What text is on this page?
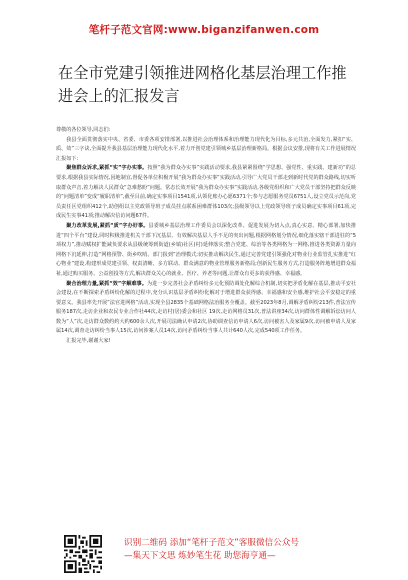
笔杆子范文官网:www.biganzifanwen.com
在全市党建引领推进网格化基层治理工作推进会上的汇报发言

尊敬的各位领导,同志们:

我县全面贯彻落实中央、省委、市委各项安排部署,以推进社会治理体系和治理能力现代化为目标,多元共治,全面发力,紧扣“实、质、效”三字诀,全面提升我县基层治理能力现代化水平,着力开创党建引领城乡基层治理新格局。根据会议安排,现将有关工作进展情况汇报如下:

聚焦群众诉求,紧抓“实”字办实事。按照“我为群众办实事”实践活动要求,我县紧紧围绕“学思想、强党性、重实践、建新功”的总要求,根据我县实际情况,因地制宜,督促各单位积极开展“我为群众办实事”实践活动,引导广大党员干部走到新时代党的群众路线,切实听取群众声音,着力解决人民群众“急难愁盼”问题。常态长效开展“我为群众办实事”实践活动,各级党组织和广大党员干部坚持把群众反映的“问题清单”变成“履职清单”,截至目前,确定实事项目1541项,认领化账办心愿6371个;参与志愿服务党员6751人,设立党员示范岗,党员责任区党组织412个,助创组以主党政领导班子成员挂点联系困难群体103次;县级领导以上党政领导班子成员确定实事项目61项,完成民生实事41项;推动解决信访问题67件。

聚力改革发展,紧抓“质”字办好事。县委城乡基层治理工作委员会以深化改革、促进发展为切入点,真心实意、精心部署,加快推进“四个平台”建设,同时积极推进机关干部下沉基层、有效解决基层人手不足的突出问题,根据网格划分情况,细化落实辖干部进驻的“5项权力”,推动赋权扩能减负要求从县级统筹到街道(乡镇)社区(村)延伸落实;整合党建、综治等各类网格为一网格,推进各类资源力量向网格下沉延伸,打造“网格预警、街乡吹哨、部门报到”治理模式;切实推动解决民生,通过完善党建引领强化对物业行业监管扎实推进“红心物业”建设,构建形成党建引领、权责清晰、多方联动、群众满意的物业管理服务新格局;创新民生服务方式,打造服务阵地增进群众福祉,通过购买服务、公益创投等方式,解决群众关心的就业、医疗、养老等问题,让群众有更多的获得感、幸福感。

聚合治理力量,紧抓“效”字解难事。为进一步完善社会矛盾纠纷多元化预防调处化解综合机制,切实把矛盾化解在基层,推动平安社会建设,在不断探索矛盾纠纷化解的过程中,充分认识基层矛盾纠纷化解对于增进群众获得感、幸福感和安全感,维护社会平安稳定的重要意义。我县率先开展“法官进网格”活动,实现全县2835个基础网格法治服务全覆盖。截至2023年8月,调解矛盾纠纷213件,普法宣传服务187次,走访企业和农民专业合作社44次,走访村(居)委会和社区 19次,走访网格员31次,普法讲座34次,访问群体性调解诉讼访问人数为“人”次,走访群众数约约大约600余人次,开展司法确认申请2次,协助调查信访申请人6次,访问被害人及家属9次,访问被申请人及家属14次,调查走访纠纷当事人15次,访问涉案人员14次,访问矛盾纠纷当事人共计640人次,完成540项工作任务。

汇报完毕,谢谢大家!

识别二维码 添加“笔杆子范文”客服微信公众号
—集天下文思 炼妙笔生花 助您海亨通—
